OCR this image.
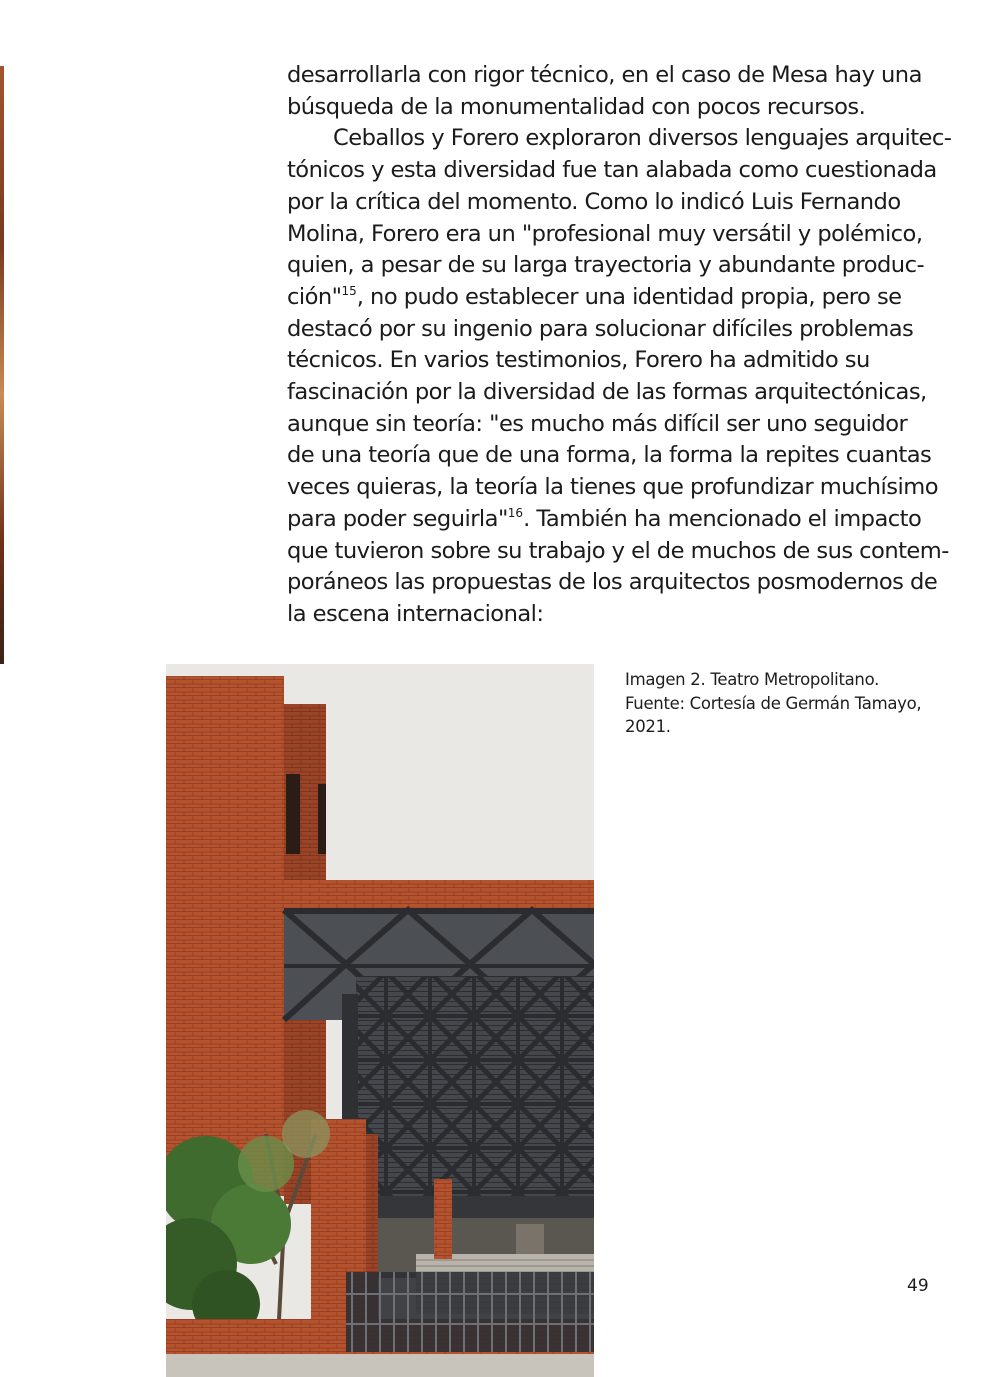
desarrollarla con rigor técnico, en el caso de Mesa hay una
búsqueda de la monumentalidad con pocos recursos.
Ceballos y Forero exploraron diversos lenguajes arquitec-
tónicos y esta diversidad fue tan alabada como cuestionada
por la crítica del momento. Como lo indicó Luis Fernando
Molina, Forero era un "profesional muy versátil y polémico,
quien, a pesar de su larga trayectoria y abundante produc-
ción"$^{15}$, no pudo establecer una identidad propia, pero se
destacó por su ingenio para solucionar difíciles problemas
técnicos. En varios testimonios, Forero ha admitido su
fascinación por la diversidad de las formas arquitectónicas,
aunque sin teoría: "es mucho más difícil ser uno seguidor
de una teoría que de una forma, la forma la repites cuantas
veces quieras, la teoría la tienes que profundizar muchísimo
para poder seguirla"$^{16}$. También ha mencionado el impacto
que tuvieron sobre su trabajo y el de muchos de sus contem-
poráneos las propuestas de los arquitectos posmodernos de
la escena internacional:
Imagen 2. Teatro Metropolitano.
Fuente: Cortesía de Germán Tamayo,
2021.
49
